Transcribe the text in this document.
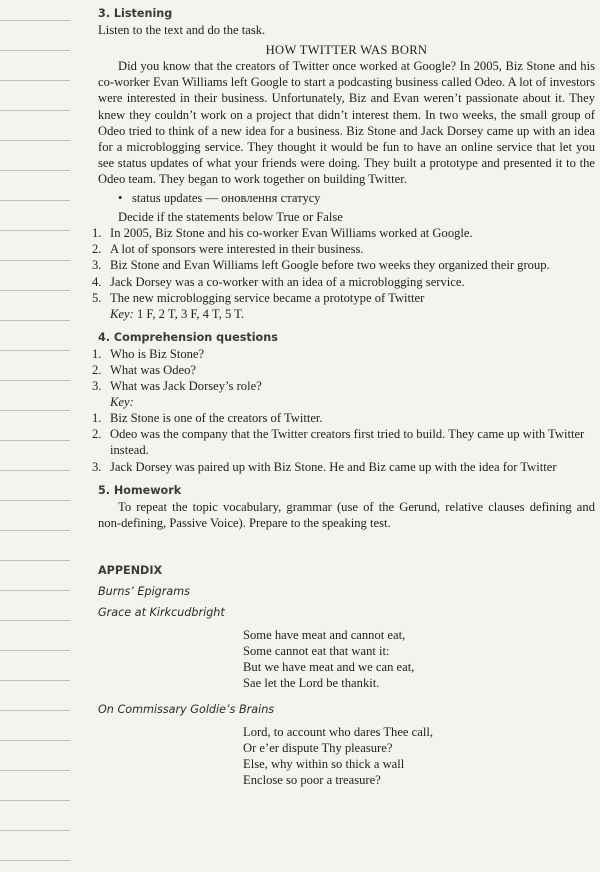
3. Listening

Listen to the text and do the task.

HOW TWITTER WAS BORN

Did you know that the creators of Twitter once worked at Google? In 2005, Biz Stone and his co-worker Evan Williams left Google to start a podcasting business called Odeo. A lot of investors were interested in their business. Unfortunately, Biz and Evan weren’t passionate about it. They knew they couldn’t work on a project that didn’t interest them. In two weeks, the small group of Odeo tried to think of a new idea for a business. Biz Stone and Jack Dorsey came up with an idea for a microblogging service. They thought it would be fun to have an online service that let you see status updates of what your friends were doing. They built a prototype and presented it to the Odeo team. They began to work together on building Twitter.

• status updates — оновлення статусу

Decide if the statements below True or False

1. In 2005, Biz Stone and his co-worker Evan Williams worked at Google.
2. A lot of sponsors were interested in their business.
3. Biz Stone and Evan Williams left Google before two weeks they organized their group.
4. Jack Dorsey was a co-worker with an idea of a microblogging service.
5. The new microblogging service became a prototype of Twitter
Key: 1 F, 2 T, 3 F, 4 T, 5 T.

4. Comprehension questions

1. Who is Biz Stone?
2. What was Odeo?
3. What was Jack Dorsey’s role?
Key:
1. Biz Stone is one of the creators of Twitter.
2. Odeo was the company that the Twitter creators first tried to build. They came up with Twitter instead.
3. Jack Dorsey was paired up with Biz Stone. He and Biz came up with the idea for Twitter

5. Homework

To repeat the topic vocabulary, grammar (use of the Gerund, relative clauses defining and non-defining, Passive Voice). Prepare to the speaking test.

APPENDIX

Burns’ Epigrams

Grace at Kirkcudbright

Some have meat and cannot eat,
Some cannot eat that want it:
But we have meat and we can eat,
Sae let the Lord be thankit.

On Commissary Goldie’s Brains

Lord, to account who dares Thee call,
Or e’er dispute Thy pleasure?
Else, why within so thick a wall
Enclose so poor a treasure?
